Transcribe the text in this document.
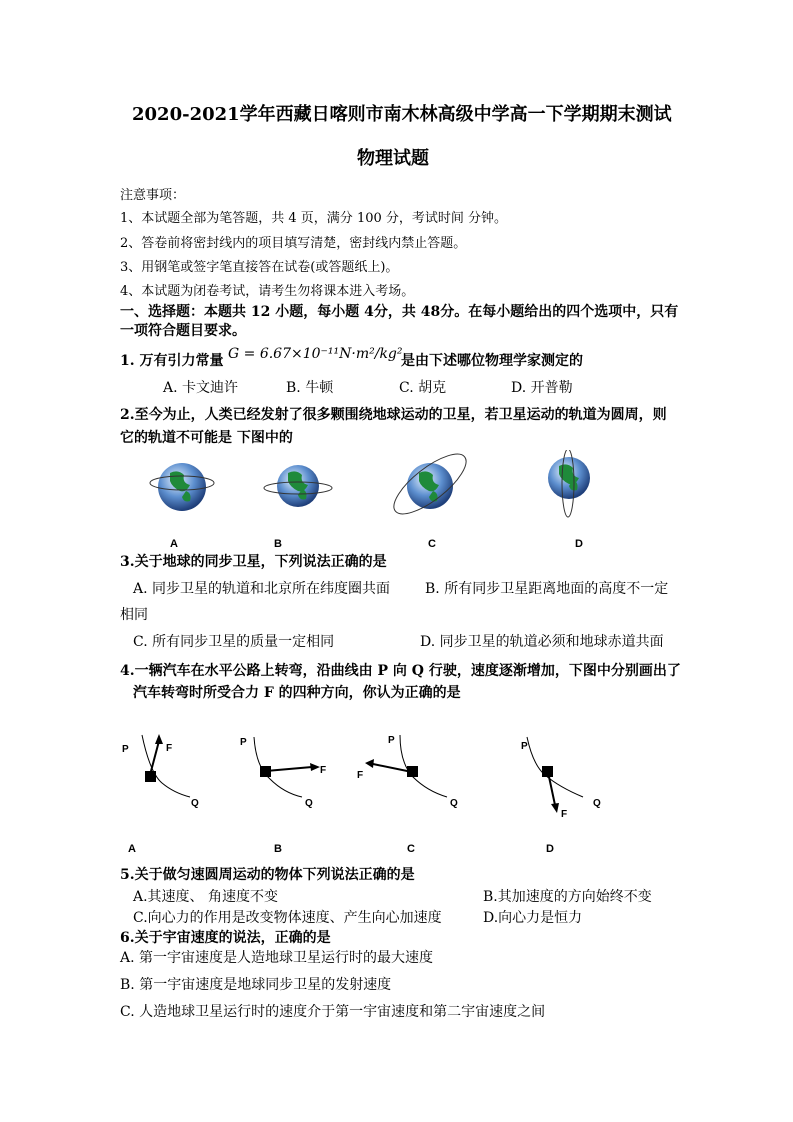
2020-2021学年西藏日喀则市南木林高级中学高一下学期期末测试
物理试题
注意事项：
1、本试题全部为笔答题，共 4 页，满分 100 分，考试时间 分钟。
2、答卷前将密封线内的项目填写清楚，密封线内禁止答题。
3、用钢笔或签字笔直接答在试卷(或答题纸上)。
4、本试题为闭卷考试，请考生勿将课本进入考场。
一、选择题：本题共 12 小题，每小题 4分，共 48分。在每小题给出的四个选项中，只有
一项符合题目要求。
1. 万有引力常量 G = 6.67×10⁻¹¹N·m²/kg²
是由下述哪位物理学家测定的
A. 卡文迪许	B. 牛顿	C. 胡克	D. 开普勒
2.至今为止，人类已经发射了很多颗围绕地球运动的卫星，若卫星运动的轨道为圆周，则
它的轨道不可能是 下图中的
A	B	C	D
3.关于地球的同步卫星，下列说法正确的是
A. 同步卫星的轨道和北京所在纬度圈共面 B. 所有同步卫星距离地面的高度不一定
相同
C. 所有同步卫星的质量一定相同	D. 同步卫星的轨道必须和地球赤道共面
4.一辆汽车在水平公路上转弯，沿曲线由 P 向 Q 行驶，速度逐渐增加，下图中分别画出了
汽车转弯时所受合力 F 的四种方向，你认为正确的是
P	F
Q
P
F
Q
P
F
Q
P
F
Q
A	B	C	D
5.关于做匀速圆周运动的物体下列说法正确的是
A.其速度、 角速度不变	B.其加速度的方向始终不变
C.向心力的作用是改变物体速度、产生向心加速度	D.向心力是恒力
6.关于宇宙速度的说法，正确的是
A. 第一宇宙速度是人造地球卫星运行时的最大速度
B. 第一宇宙速度是地球同步卫星的发射速度
C. 人造地球卫星运行时的速度介于第一宇宙速度和第二宇宙速度之间
